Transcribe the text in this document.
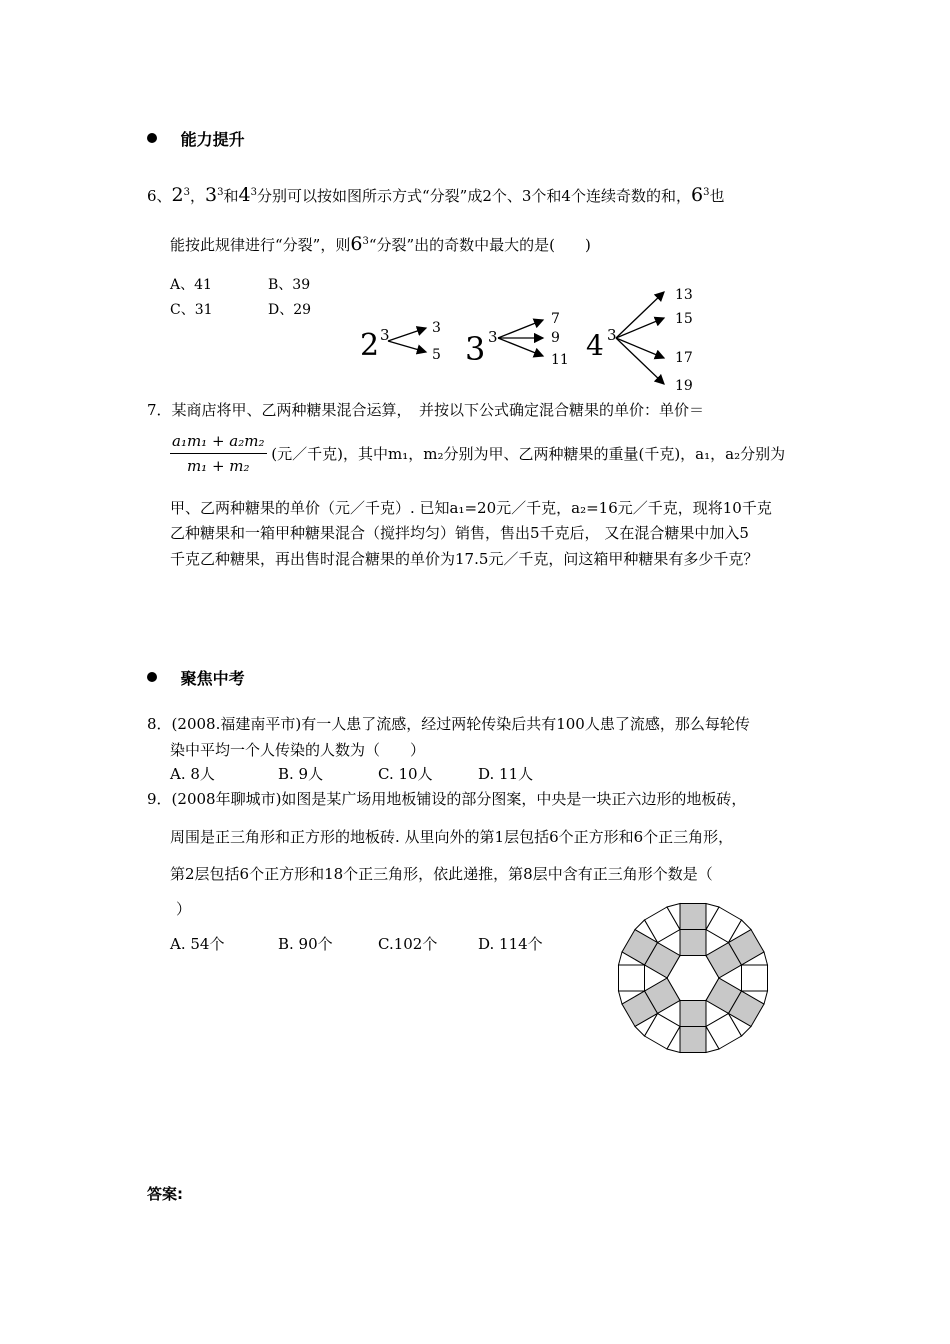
能力提升
6、$2^3$，$3^3$和$4^3$分别可以按如图所示方式“分裂”成2个、3个和4个连续奇数的和，$6^3$也
能按此规律进行“分裂”，则$6^3“$分裂”出的奇数中最大的是(　　)
A、41	B、39
C、31	D、29
2 3	3
5 3 3
7
9
11 4 3
13
15
17
19
7．某商店将甲、乙两种糖果混合运算，　并按以下公式确定混合糖果的单价：单价＝
$\frac{\text{a₁m₁ + a₂m₂}}{\text{m₁ + m₂}}$ (元／千克)，其中m₁，m₂分别为甲、乙两种糖果的重量(千克)，a₁，a₂分别为
甲、乙两种糖果的单价（元／千克）. 已知a₁=20元／千克，a₂=16元／千克，现将10千克
乙种糖果和一箱甲种糖果混合（搅拌均匀）销售，售出5千克后， 又在混合糖果中加入5
千克乙种糖果，再出售时混合糖果的单价为17.5元／千克，问这箱甲种糖果有多少千克？
聚焦中考
8．(2008.福建南平市)有一人患了流感，经过两轮传染后共有100人患了流感，那么每轮传
染中平均一个人传染的人数为（　　）
A. 8人	B. 9人	C. 10人	D. 11人
9．(2008年聊城市)如图是某广场用地板铺设的部分图案，中央是一块正六边形的地板砖，
周围是正三角形和正方形的地板砖. 从里向外的第1层包括6个正方形和6个正三角形，
第2层包括6个正方形和18个正三角形，依此递推，第8层中含有正三角形个数是（
）
A. 54个	B. 90个	C.102个	D. 114个
答案:
